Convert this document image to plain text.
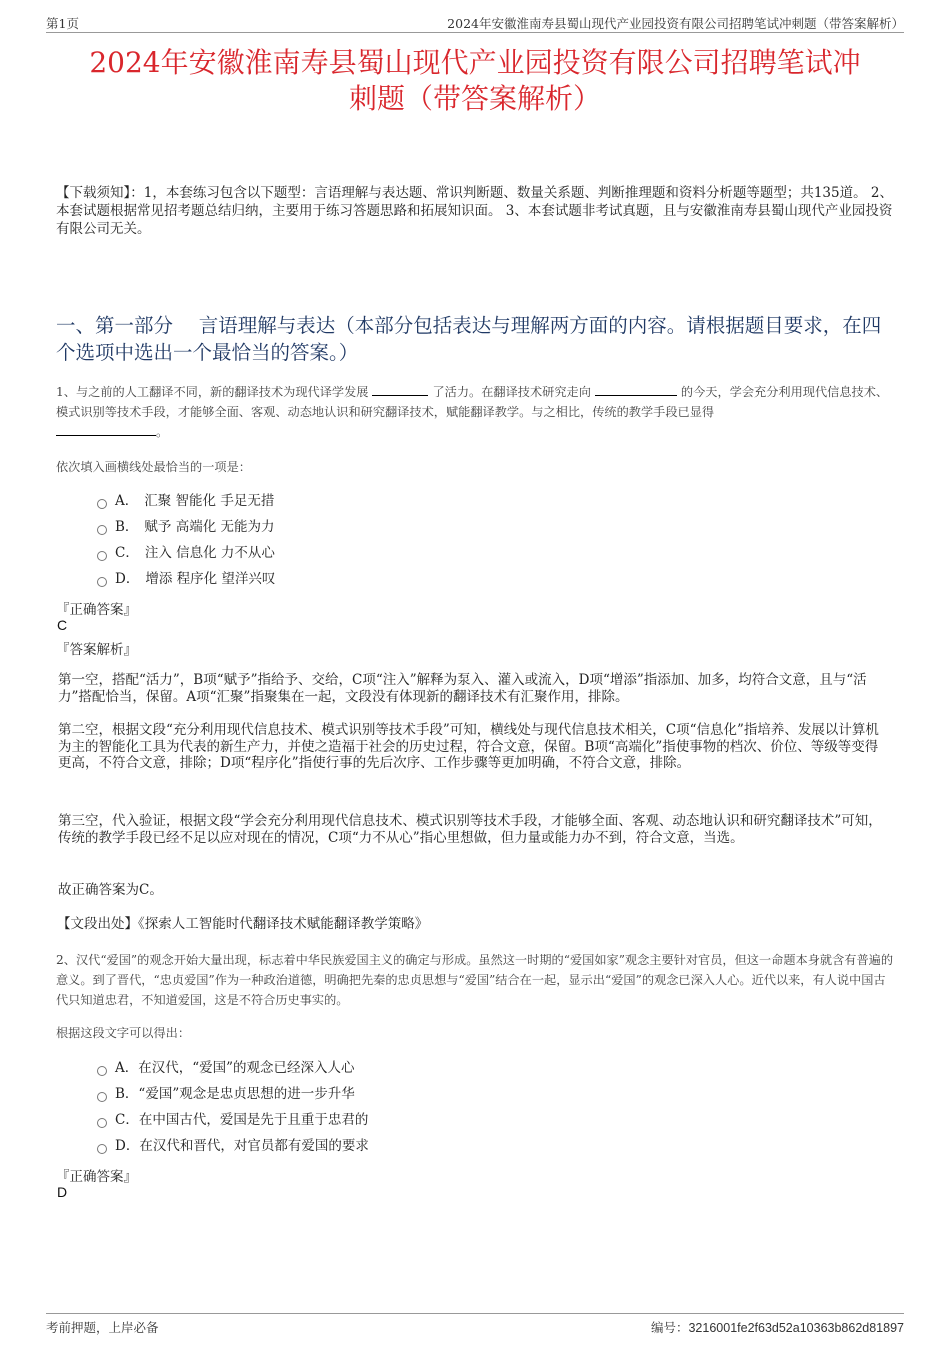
第1页	2024年安徽淮南寿县蜀山现代产业园投资有限公司招聘笔试冲刺题（带答案解析）
2024年安徽淮南寿县蜀山现代产业园投资有限公司招聘笔试冲
刺题（带答案解析）
【下载须知】：1，本套练习包含以下题型：言语理解与表达题、常识判断题、数量关系题、判断推理题和资料分析题等题型；共135道。 2、本套试题根据常见招考题总结归纳，主要用于练习答题思路和拓展知识面。 3、本套试题非考试真题，且与安徽淮南寿县蜀山现代产业园投资有限公司无关。
一、第一部分　 言语理解与表达（本部分包括表达与理解两方面的内容。请根据题目要求，在四个选项中选出一个最恰当的答案。）
1、与之前的人工翻译不同，新的翻译技术为现代译学发展	了活力。在翻译技术研究走向	的今天，学会充分利用现代信息技术、模式识别等技术手段，才能够全面、客观、动态地认识和研究翻译技术，赋能翻译教学。与之相比，传统的教学手段已显得
。
依次填入画横线处最恰当的一项是：
A． 汇聚 智能化 手足无措
B． 赋予 高端化 无能为力
C． 注入 信息化 力不从心
D． 增添 程序化 望洋兴叹
『正确答案』
C
『答案解析』
第一空，搭配“活力”，B项“赋予”指给予、交给，C项“注入”解释为泵入、灌入或流入，D项“增添”指添加、加多，均符合文意，且与“活力”搭配恰当，保留。A项“汇聚”指聚集在一起，文段没有体现新的翻译技术有汇聚作用，排除。
第二空，根据文段“充分利用现代信息技术、模式识别等技术手段”可知，横线处与现代信息技术相关，C项“信息化”指培养、发展以计算机为主的智能化工具为代表的新生产力，并使之造福于社会的历史过程，符合文意，保留。B项“高端化”指使事物的档次、价位、等级等变得更高，不符合文意，排除；D项“程序化”指使行事的先后次序、工作步骤等更加明确，不符合文意，排除。
第三空，代入验证，根据文段“学会充分利用现代信息技术、模式识别等技术手段，才能够全面、客观、动态地认识和研究翻译技术”可知，传统的教学手段已经不足以应对现在的情况，C项“力不从心”指心里想做，但力量或能力办不到，符合文意，当选。
故正确答案为C。
【文段出处】《探索人工智能时代翻译技术赋能翻译教学策略》
2、汉代“爱国”的观念开始大量出现，标志着中华民族爱国主义的确定与形成。虽然这一时期的“爱国如家”观念主要针对官员，但这一命题本身就含有普遍的意义。到了晋代，“忠贞爱国”作为一种政治道德，明确把先秦的忠贞思想与“爱国”结合在一起，显示出“爱国”的观念已深入人心。近代以来，有人说中国古代只知道忠君，不知道爱国，这是不符合历史事实的。
根据这段文字可以得出：
A．在汉代，“爱国”的观念已经深入人心
B．“爱国”观念是忠贞思想的进一步升华
C．在中国古代，爱国是先于且重于忠君的
D．在汉代和晋代，对官员都有爱国的要求
『正确答案』
D
考前押题，上岸必备	编号：3216001fe2f63d52a10363b862d81897
